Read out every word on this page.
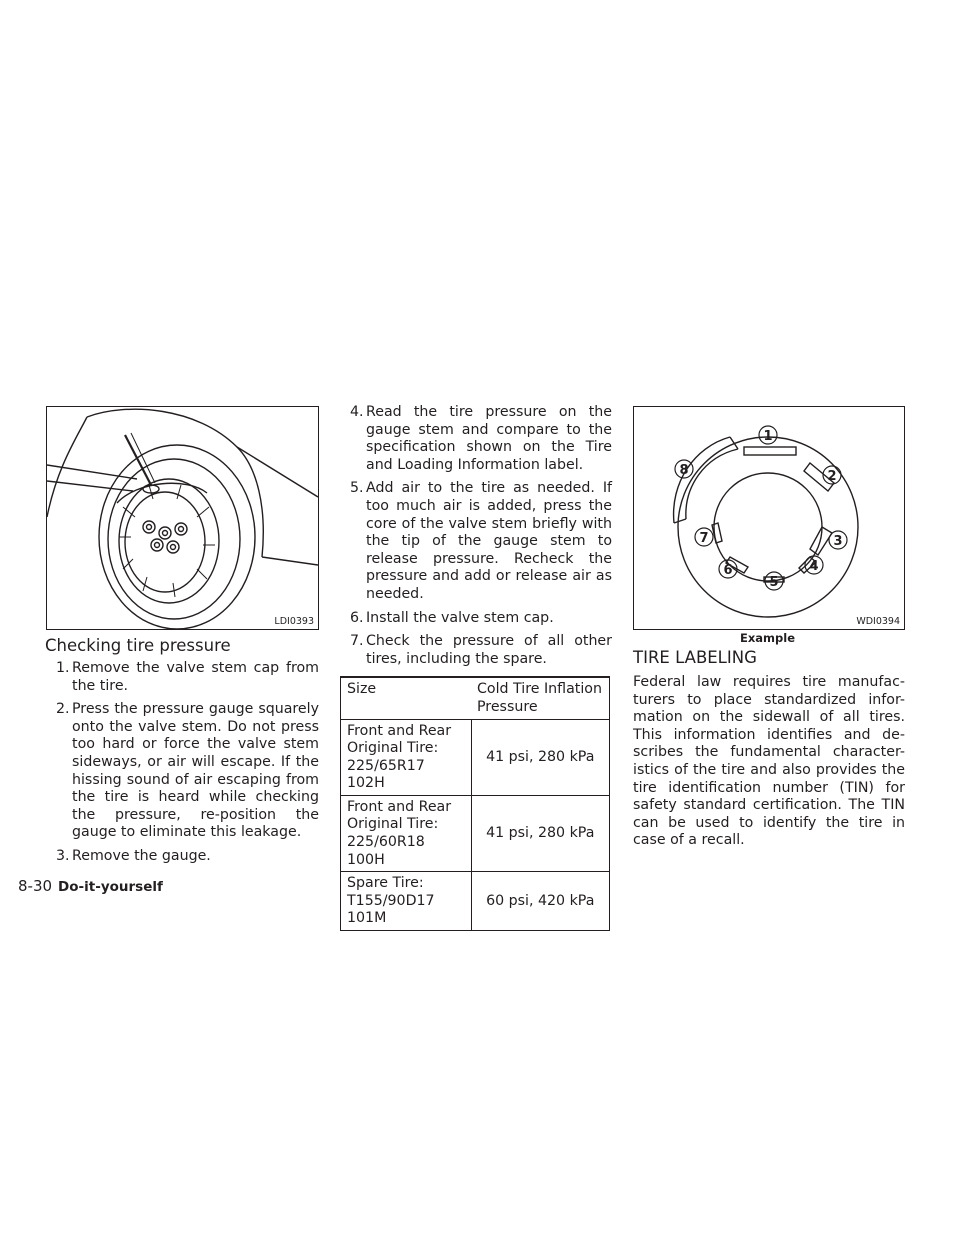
LDI0393
Checking tire pressure
1. Remove the valve stem cap from the tire.
2. Press the pressure gauge squarely onto the valve stem. Do not press too hard or force the valve stem sideways, or air will escape. If the hissing sound of air escaping from the tire is heard while checking the pressure, re-position the gauge to eliminate this leakage.
3. Remove the gauge.
4. Read the tire pressure on the gauge stem and compare to the specification shown on the Tire and Loading Information label.
5. Add air to the tire as needed. If too much air is added, press the core of the valve stem briefly with the tip of the gauge stem to release pressure. Recheck the pressure and add or release air as needed.
6. Install the valve stem cap.
7. Check the pressure of all other tires, including the spare.
Size	Cold Tire Inflation Pressure
Front and Rear Original Tire: 225/65R17 102H	41 psi, 280 kPa
Front and Rear Original Tire: 225/60R18 100H	41 psi, 280 kPa
Spare Tire: T155/90D17 101M	60 psi, 420 kPa
1
2
3
4
5
6
7
8
WDI0394
Example
TIRE LABELING

Federal law requires tire manufac-turers to place standardized infor-mation on the sidewall of all tires. This information identifies and de-scribes the fundamental character-istics of the tire and also provides the tire identification number (TIN) for safety standard certification. The TIN can be used to identify the tire in case of a recall.

8-30 Do-it-yourself
